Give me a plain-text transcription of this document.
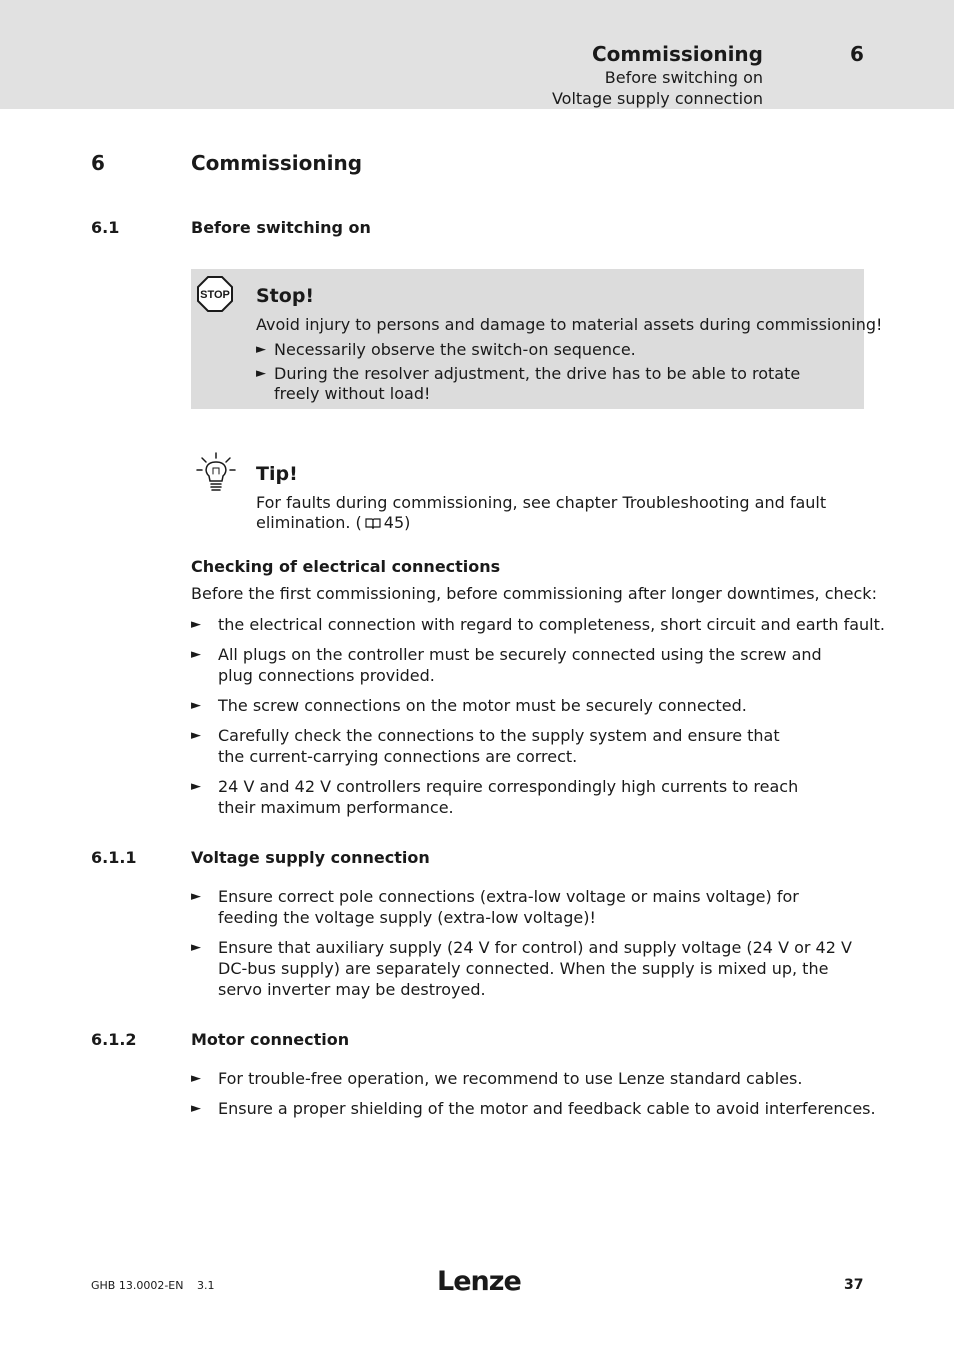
Commissioning	6
Before switching on
Voltage supply connection
6	Commissioning
6.1	Before switching on
STOP Stop!
Avoid injury to persons and damage to material assets during commissioning!
► Necessarily observe the switch-on sequence.
► During the resolver adjustment, the drive has to be able to rotate freely without load!
Tip!
For faults during commissioning, see chapter Troubleshooting and fault
elimination. ( 45)
Checking of electrical connections
Before the first commissioning, before commissioning after longer downtimes, check:
► the electrical connection with regard to completeness, short circuit and earth fault.
► All plugs on the controller must be securely connected using the screw and plug connections provided.
► The screw connections on the motor must be securely connected.
► Carefully check the connections to the supply system and ensure that the current-carrying connections are correct.
► 24 V and 42 V controllers require correspondingly high currents to reach their maximum performance.
6.1.1	Voltage supply connection
► Ensure correct pole connections (extra-low voltage or mains voltage) for feeding the voltage supply (extra-low voltage)!
► Ensure that auxiliary supply (24 V for control) and supply voltage (24 V or 42 V DC-bus supply) are separately connected. When the supply is mixed up, the servo inverter may be destroyed.
6.1.2	Motor connection
► For trouble-free operation, we recommend to use Lenze standard cables.
► Ensure a proper shielding of the motor and feedback cable to avoid interferences.
GHB 13.0002-EN 3.1	Lenze	37
